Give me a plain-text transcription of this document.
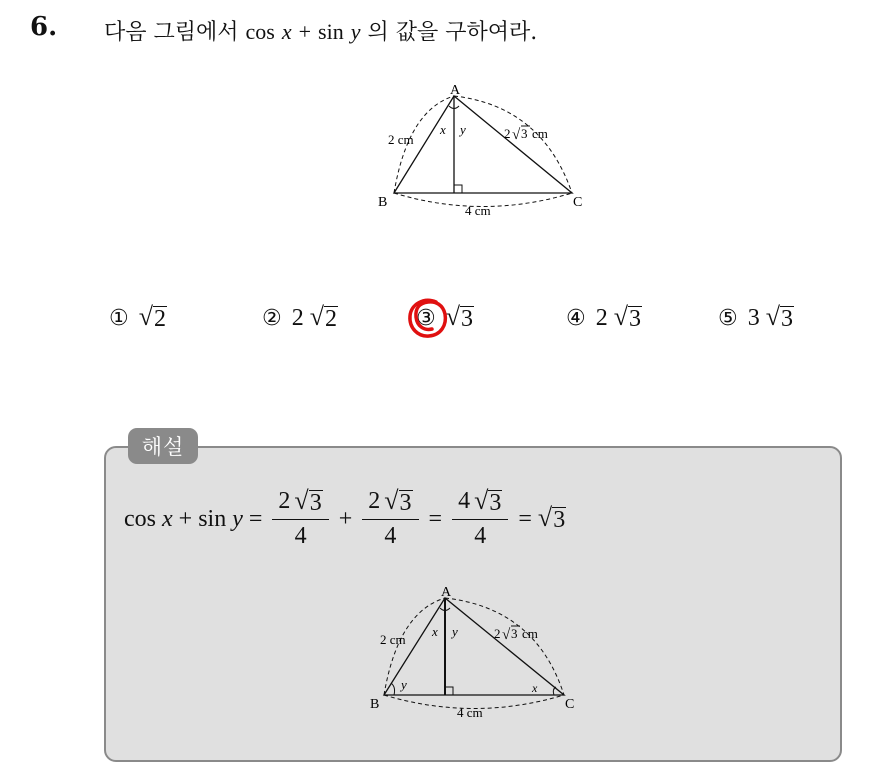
6. 다음 그림에서 cos x + sin y 의 값을 구하여라.
A
B	C
2 cm
x y	2 √ 3 cm
4 cm
① √ 2	② 2 √ 2	③ √ 3	④ 2 √ 3	⑤ 3 √ 3
해설
cos
x + sin
$y = \frac{2 √ 3}{4} + \frac{2 √ 3}{4} = \frac{4 √ 3}{4}$ = √ 3
A
B	C
2 cm
x y
y	x
2 √ 3 cm
4 cm
